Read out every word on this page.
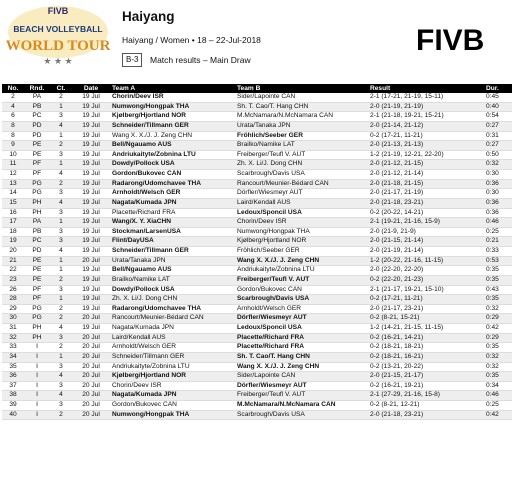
FIVB
BEACH VOLLEYBALL
WORLD TOUR
★ ★ ★
Haiyang
Haiyang / Women • 18 – 22-Jul-2018
B-3	Match results – Main Draw
FIVB
No.	Rnd.	Ct.	Date	Team A	Team B	Result	Dur.
2	PA	2	19 Jul	Chorin/Deev ISR	Sider/Lapointe CAN	2-1 (17-21, 21-19, 15-11)	0:45
4	PB	1	19 Jul	Numwong/Hongpak THA	Sh. T. Cao/T. Hang CHN	2-0 (21-19, 21-19)	0:40
6	PC	3	19 Jul	Kjølberg/Hjortland NOR	M.McNamara/N.McNamara CAN	2-1 (21-18, 19-21, 15-21)	0:54
8	PD	4	19 Jul	Schneider/Tillmann GER	Urata/Tanaka JPN	2-0 (21-14, 21-12)	0:27
8	PD	1	19 Jul	Wang X. X./J. J. Zeng CHN	Fröhlich/Seeber GER	0-2 (17-21, 11-21)	0:31
9	PE	2	19 Jul	Bell/Ngauamo AUS	Brailko/Namike LAT	2-0 (21-13, 21-13)	0:27
10	PE	3	19 Jul	Andriukaityte/Zobnina LTU	Freiberger/Teufl V. AUT	1-2 (21-19, 12-21, 22-20)	0:50
11	PF	1	19 Jul	Dowdy/Pollock USA	Zh. X. Li/J. Dong CHN	2-0 (21-12, 21-15)	0:32
12	PF	4	19 Jul	Gordon/Bukovec CAN	Scarbrough/Davis USA	2-0 (21-12, 21-14)	0:30
13	PG	2	19 Jul	Radarong/Udomchavee THA	Rancourt/Meunier-Bédard CAN	2-0 (21-18, 21-15)	0:36
14	PG	3	19 Jul	Arnholdt/Welsch GER	Dörfler/Wiesmeyr AUT	2-0 (21-17, 21-19)	0:30
15	PH	4	19 Jul	Nagata/Kumada JPN	Laird/Kendall AUS	2-0 (21-18, 23-21)	0:36
16	PH	3	19 Jul	Placette/Richard FRA	Ledoux/Sponcil USA	0-2 (20-22, 14-21)	0:36
17	PA	1	19 Jul	Wang/X. Y. XiaCHN	Chorin/Deev ISR	2-1 (19-21, 21-16, 15-9)	0:46
18	PB	3	19 Jul	Stockman/LarsenUSA	Numwong/Hongpak THA	2-0 (21-9, 21-9)	0:25
19	PC	3	19 Jul	Flint/DayUSA	Kjølberg/Hjortland NOR	2-0 (21-15, 21-14)	0:21
20	PD	4	19 Jul	Schneider/Tillmann GER	Fröhlich/Seeber GER	2-0 (21-19, 21-14)	0:33
21	PE	1	20 Jul	Urata/Tanaka JPN	Wang X. X./J. J. Zeng CHN	1-2 (20-22, 21-16, 11-15)	0:53
22	PE	1	19 Jul	Bell/Ngauamo AUS	Andriukaityte/Zobnina LTU	2-0 (22-20, 22-20)	0:35
23	PE	2	19 Jul	Brailko/Namike LAT	Freiberger/Teufl V. AUT	0-2 (22-20, 21-23)	0:35
26	PF	3	19 Jul	Dowdy/Pollock USA	Gordon/Bukovec CAN	2-1 (21-17, 19-21, 15-10)	0:43
28	PF	1	19 Jul	Zh. X. Li/J. Dong CHN	Scarbrough/Davis USA	0-2 (17-21, 11-21)	0:35
29	PG	2	19 Jul	Radarong/Udomchavee THA	Arnholdt/Welsch GER	2-0 (21-17, 23-21)	0:32
30	PG	2	20 Jul	Rancourt/Meunier-Bédard CAN	Dörfler/Wiesmeyr AUT	0-2 (8-21, 15-21)	0:29
31	PH	4	19 Jul	Nagata/Kumada JPN	Ledoux/Sponcil USA	1-2 (14-21, 21-15, 11-15)	0:42
32	PH	3	20 Jul	Laird/Kendall AUS	Placette/Richard FRA	0-2 (16-21, 14-21)	0:29
33	I	2	20 Jul	Arnholdt/Welsch GER	Placette/Richard FRA	0-2 (18-21, 18-21)	0:35
34	I	1	20 Jul	Schneider/Tillmann GER	Sh. T. Cao/T. Hang CHN	0-2 (18-21, 16-21)	0:32
35	I	3	20 Jul	Andriukaityte/Zobnina LTU	Wang X. X./J. J. Zeng CHN	0-2 (13-21, 20-22)	0:32
36	I	4	20 Jul	Kjølberg/Hjortland NOR	Sider/Lapointe CAN	2-0 (21-15, 21-17)	0:35
37	I	3	20 Jul	Chorin/Deev ISR	Dörfler/Wiesmeyr AUT	0-2 (16-21, 19-21)	0:34
38	I	4	20 Jul	Nagata/Kumada JPN	Freiberger/Teufl V. AUT	2-1 (27-29, 21-16, 15-8)	0:46
39	I	3	20 Jul	Gordon/Bukovec CAN	M.McNamara/N.McNamara CAN	0-2 (8-21, 12-21)	0:25
40	I	2	20 Jul	Numwong/Hongpak THA	Scarbrough/Davis USA	2-0 (21-18, 23-21)	0:42
